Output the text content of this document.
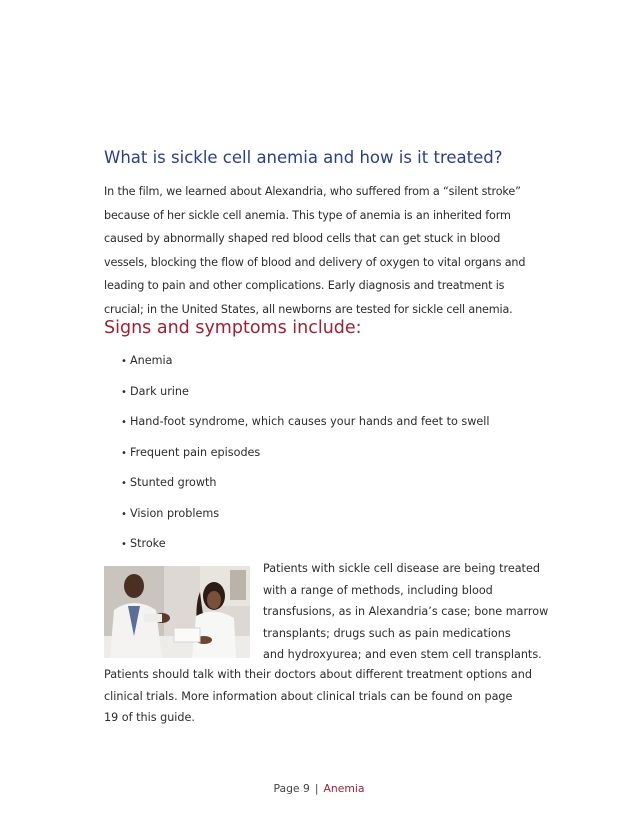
What is sickle cell anemia and how is it treated?

In the film, we learned about Alexandria, who suffered from a “silent stroke”
because of her sickle cell anemia. This type of anemia is an inherited form
caused by abnormally shaped red blood cells that can get stuck in blood
vessels, blocking the flow of blood and delivery of oxygen to vital organs and
leading to pain and other complications. Early diagnosis and treatment is
crucial; in the United States, all newborns are tested for sickle cell anemia.

Signs and symptoms include:
• Anemia
• Dark urine
• Hand-foot syndrome, which causes your hands and feet to swell
• Frequent pain episodes
• Stunted growth
• Vision problems
• Stroke

Patients with sickle cell disease are being treated
with a range of methods, including blood
transfusions, as in Alexandria’s case; bone marrow
transplants; drugs such as pain medications
and hydroxyurea; and even stem cell transplants.

Patients should talk with their doctors about different treatment options and
clinical trials. More information about clinical trials can be found on page
19 of this guide.

Page 9 | Anemia
